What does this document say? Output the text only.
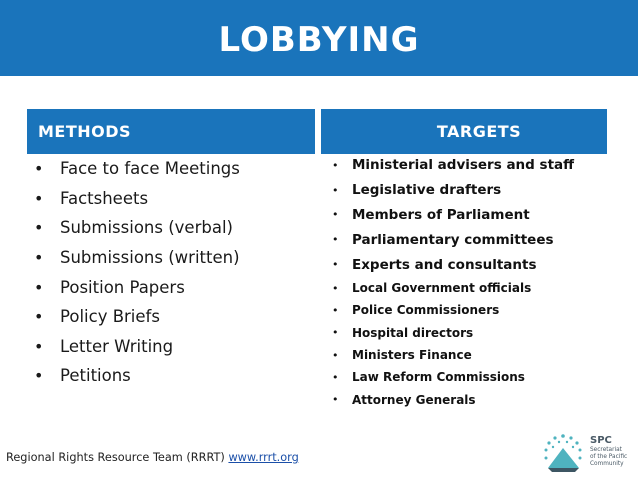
LOBBYING
METHODS	TARGETS
•	Face to face Meetings
•	Factsheets
•	Submissions (verbal)
•	Submissions (written)
•	Position Papers
•	Policy Briefs
•	Letter Writing
•	Petitions
•	Ministerial advisers and staff
•	Legislative drafters
•	Members of Parliament
•	Parliamentary committees
•	Experts and consultants
•	Local Government officials
•	Police Commissioners
•	Hospital directors
•	Ministers Finance
•	Law Reform Commissions
•	Attorney Generals
Regional Rights Resource Team (RRRT) www.rrrt.org
SPC
Secretariat
of the Pacific
Community
